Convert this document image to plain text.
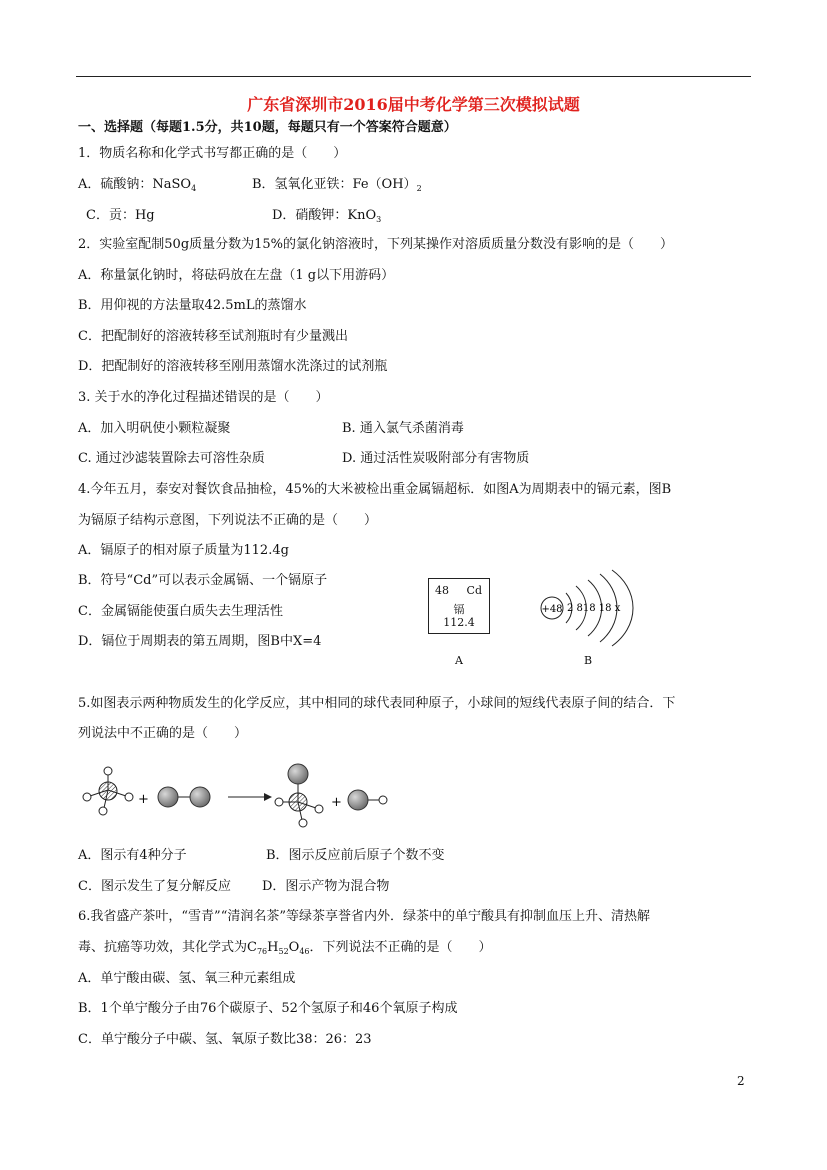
广东省深圳市2016届中考化学第三次模拟试题
一、选择题（每题1.5分，共10题，每题只有一个答案符合题意）
1．物质名称和化学式书写都正确的是（　　）
A．硫酸钠：NaSO$_4$	B．氢氧化亚铁：$Fe(OH)_2$
C．贡：Hg	D．硝酸钾：KnO$_3$
2．实验室配制50g质量分数为15%的氯化钠溶液时，下列某操作对溶质质量分数没有影响的是（　　）
A．称量氯化钠时，将砝码放在左盘（1 g以下用游码）
B．用仰视的方法量取42.5mL的蒸馏水
C．把配制好的溶液转移至试剂瓶时有少量溅出
D．把配制好的溶液转移至刚用蒸馏水洗涤过的试剂瓶
3. 关于水的净化过程描述错误的是（　　）
A．加入明矾使小颗粒凝聚	B. 通入氯气杀菌消毒
C. 通过沙滤装置除去可溶性杂质	D. 通过活性炭吸附部分有害物质
4.今年五月，泰安对餐饮食品抽检，45%的大米被检出重金属镉超标．如图A为周期表中的镉元素，图B
为镉原子结构示意图，下列说法不正确的是（　　）
A．镉原子的相对原子质量为112.4g
B．符号“Cd”可以表示金属镉、一个镉原子
C．金属镉能使蛋白质失去生理活性
D．镉位于周期表的第五周期，图B中X=4
48 Cd
镉
112.4
A
+48 2 818 18 x
B
5.如图表示两种物质发生的化学反应，其中相同的球代表同种原子，小球间的短线代表原子间的结合．下
列说法中不正确的是（　　）
+	+
A．图示有4种分子	B．图示反应前后原子个数不变
C．图示发生了复分解反应 D．图示产物为混合物
6.我省盛产茶叶，“雪青”“清润名茶”等绿茶享誉省内外．绿茶中的单宁酸具有抑制血压上升、清热解
毒、抗癌等功效，其化学式为$C_{76}H_{52}O_{46}$．下列说法不正确的是（　　）
A．单宁酸由碳、氢、氧三种元素组成
B．1个单宁酸分子由76个碳原子、52个氢原子和46个氧原子构成
C．单宁酸分子中碳、氢、氧原子数比38：26：23
2
